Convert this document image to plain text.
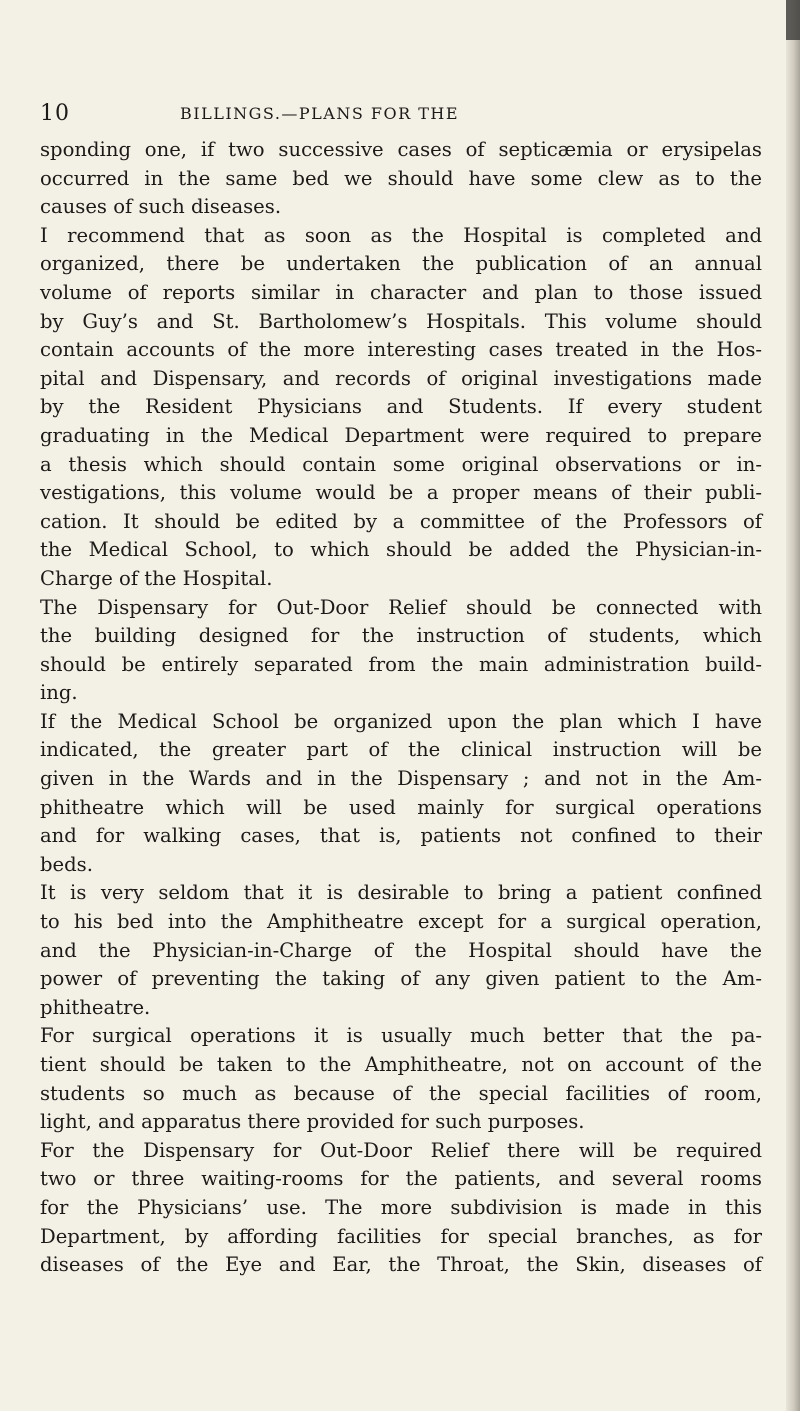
10	BILLINGS.—PLANS FOR THE
sponding one, if two successive cases of septicæmia or erysipelas
occurred in the same bed we should have some clew as to the
causes of such diseases.
I recommend that as soon as the Hospital is completed and
organized, there be undertaken the publication of an annual
volume of reports similar in character and plan to those issued
by Guy’s and St. Bartholomew’s Hospitals. This volume should
contain accounts of the more interesting cases treated in the Hos-
pital and Dispensary, and records of original investigations made
by the Resident Physicians and Students. If every student
graduating in the Medical Department were required to prepare
a thesis which should contain some original observations or in-
vestigations, this volume would be a proper means of their publi-
cation. It should be edited by a committee of the Professors of
the Medical School, to which should be added the Physician-in-
Charge of the Hospital.
The Dispensary for Out-Door Relief should be connected with
the building designed for the instruction of students, which
should be entirely separated from the main administration build-
ing.
If the Medical School be organized upon the plan which I have
indicated, the greater part of the clinical instruction will be
given in the Wards and in the Dispensary ; and not in the Am-
phitheatre which will be used mainly for surgical operations
and for walking cases, that is, patients not confined to their
beds.
It is very seldom that it is desirable to bring a patient confined
to his bed into the Amphitheatre except for a surgical operation,
and the Physician-in-Charge of the Hospital should have the
power of preventing the taking of any given patient to the Am-
phitheatre.
For surgical operations it is usually much better that the pa-
tient should be taken to the Amphitheatre, not on account of the
students so much as because of the special facilities of room,
light, and apparatus there provided for such purposes.
For the Dispensary for Out-Door Relief there will be required
two or three waiting-rooms for the patients, and several rooms
for the Physicians’ use. The more subdivision is made in this
Department, by affording facilities for special branches, as for
diseases of the Eye and Ear, the Throat, the Skin, diseases of
